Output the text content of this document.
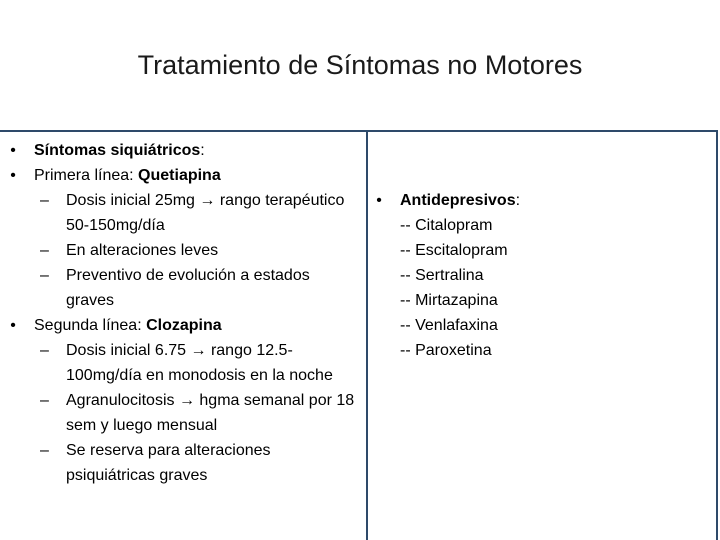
Tratamiento de Síntomas no Motores
• Síntomas siquiátricos:
• Primera línea: Quetiapina
– Dosis inicial 25mg → rango terapéutico 50-150mg/día
– En alteraciones leves
– Preventivo de evolución a estados graves
• Segunda línea: Clozapina
– Dosis inicial 6.75 → rango 12.5-100mg/día en monodosis en la noche
– Agranulocitosis → hgma semanal por 18 sem y luego mensual
– Se reserva para alteraciones psiquiátricas graves
• Antidepresivos:
-- Citalopram
-- Escitalopram
-- Sertralina
-- Mirtazapina
-- Venlafaxina
-- Paroxetina
